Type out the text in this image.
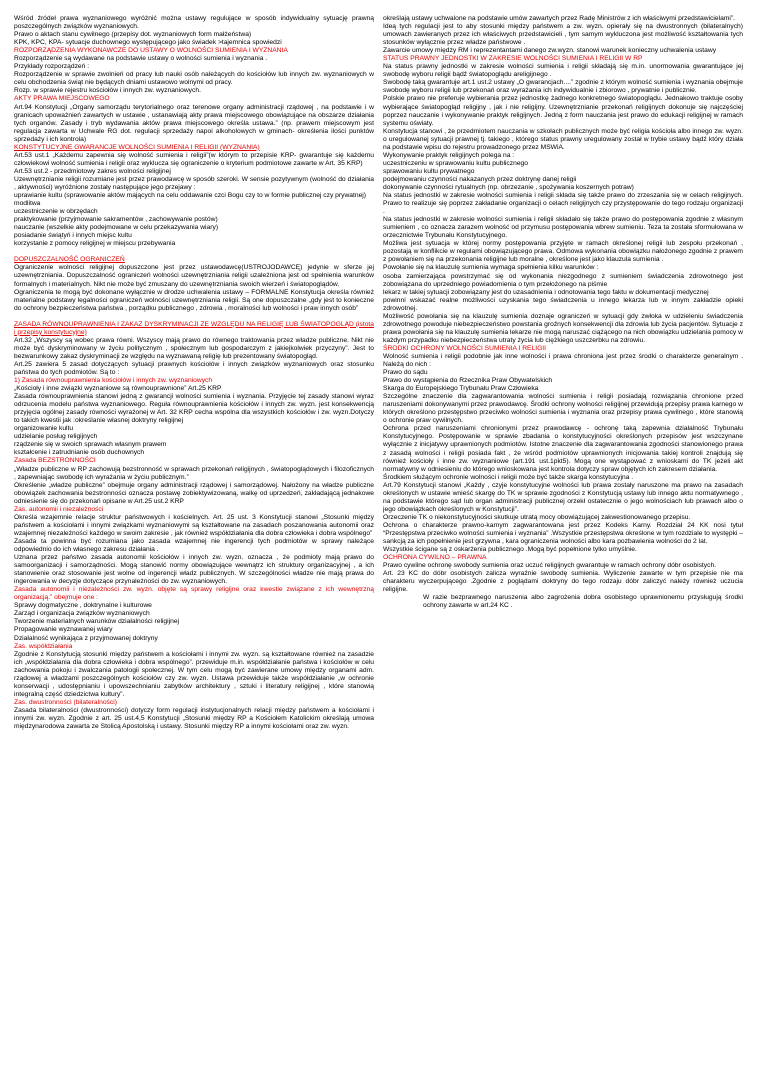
Wśród źródeł prawa wyznaniowego wyróżnić można ustawy regulujące w sposób indywidualny sytuację prawną poszczególnych związków wyznaniowych.

Prawo o aktach stanu cywilnego (przepisy dot. wyznaniowych form małżeństwa)

KPK, KPC, KPA- sytuacje duchownego występującego jako świadek >tajemnica spowiedzi

ROZPORZĄDZENIA WYKONAWCZE DO USTAWY O WOLNOŚCI SUMIENIA I WYZNANIA

Rozporządzenie są wydawane na podstawie ustawy o wolności sumienia i wyznania .

Przykłady rozporządzeń :

Rozporządzenie w sprawie zwolnień od pracy lub nauki osób należących do kościołów lub innych zw. wyznaniowych w celu obchodzenia świąt nie będących dniami ustawowo wolnymi od pracy.

Rozp. w sprawie rejestru kościołów i innych zw. wyznaniowych.

AKTY PRAWA MIEJSCOWEGO

Art.94 Konstytucji „Organy samorządu terytorialnego oraz terenowe organy administracji rządowej , na podstawie i w granicach upoważnień zawartych w ustawie , ustanawiają akty prawa miejscowego obowiązujące na obszarze działania tych organów. Zasady i tryb wydawania aktów prawa miejscowego określa ustawa.” (np. prawem miejscowym jest regulacja zawarta w Uchwale RG dot. regulacji sprzedaży napoi alkoholowych w gminach- określenia ilości punktów sprzedaży i ich kontrola)

KONSTYTUCYJNE GWARANCJE WOLNOŚCI SUMIENIA I RELIGII (WYZNANIA)

Art.53 ust.1 „Każdemu zapewnia się wolność sumienia i religii”(w którym to przepisie KRP- gwarantuje się każdemu człowiekowi wolność sumienia i religii oraz wyklucza się ograniczenie o kryterium podmiotowe zawarte w Art. 35 KRP)

Art.53 ust.2 - przedmiotowy zakres wolności religijnej

Uzewnętrznianie religii rozumiane jest przez prawodawcę w sposób szeroki. W sensie pozytywnym (wolność do działania , aktywności) wyróżnione zostały następujące jego przejawy :

uprawianie kultu (sprawowanie aktów mających na celu oddawanie czci Bogu czy to w formie publicznej czy prywatnej)

modlitwa

uczestniczenie w obrzędach

praktykowanie (przyjmowanie sakramentów , zachowywanie postów)

nauczanie (wszelkie akty podejmowane w celu przekazywania wiary)

posiadanie świątyń i innych miejsc kultu

korzystanie z pomocy religijnej w miejscu przebywania

DOPUSZCZALNOŚĆ OGRANICZEŃ

Ograniczenie wolności religijnej dopuszczone jest przez ustawodawcę(USTROJODAWCĘ) jedynie w sferze jej uzewnętrzniania. Dopuszczalność ograniczeń wolności uzewnętrzniania religii uzależniona jest od spełnienia warunków formalnych i materialnych. Nikt nie może być zmuszany do uzewnętrzniania swoich wierzeń i światopoglądów.

Ograniczenia te mogą być dokonane wyłącznie w drodze uchwalenia ustawy – FORMALNE Konstytucja określa również materialne podstawy legalności ograniczeń wolności uzewnętrzniania religii. Są one dopuszczalne „gdy jest to konieczne do ochrony bezpieczeństwa państwa , porządku publicznego , zdrowia , moralności lub wolności i praw innych osób”

ZASADA RÓWNOUPRAWNIENIA I ZAKAZ DYSKRYMINACJI ZE WZGLĘDU NA RELIGIĘ LUB ŚWIATOPOGLĄD (istota i przepisy konstytucyjne)

Art.32 „Wszyscy są wobec prawa równi. Wszyscy mają prawo do równego traktowania przez władze publiczne. Nikt nie może być dyskryminowany w życiu politycznym , społecznym lub gospodarczym z jakiejkolwiek przyczyny”. Jest to bezwarunkowy zakaz dyskryminacji ze względu na wyznawaną religię lub prezentowany światopogląd.

Art.25 zawiera 5 zasad dotyczących sytuacji prawnych kościołów i innych związków wyznaniowych oraz stosunku państwa do tych podmiotów. Są to :

1) Zasada równouprawnienia kościołów i innych zw. wyznaniowych

„Kościoły i inne związki wyznaniowe są równouprawnione” Art.25 KRP

Zasada równouprawnienia stanowi jedną z gwarancji wolności sumienia i wyznania. Przyjęcie tej zasady stanowi wyraz odrzucenia modelu państwa wyznaniowego. Reguła równouprawnienia kościołów i innych zw. wyzn. jest konsekwencją przyjęcia ogólnej zasady równości wyrażonej w Art. 32 KRP cecha wspólna dla wszystkich kościołów i zw. wyzn.Dotyczy to takich kwestii jak :określanie własnej doktryny religijnej

organizowanie kultu

udzielanie posług religijnych

rządzenie się w swoich sprawach własnym prawem

kształcenie i zatrudnianie osób duchownych

Zasada BEZSTRONNOŚCI

„Władze publiczne w RP zachowują bezstronność w sprawach przekonań religijnych , światopoglądowych i filozoficznych , zapewniając swobodę ich wyrażania w życiu publicznym.”

Określenie „władze publiczne” obejmuje organy administracji rządowej i samorządowej. Nałożony na władze publiczne obowiązek zachowania bezstronności oznacza postawę zobiektywizowaną, walkę od uprzedzeń, zakładającą jednakowe odniesienie się do przekonań opisane w Art.25 ust.2 KRP

Zas. autonomii i niezależności

Określa wzajemnie relacje struktur państwowych i kościelnych. Art. 25 ust. 3 Konstytucji stanowi „Stosunki między państwem a kościołami i innymi związkami wyznaniowymi są kształtowane na zasadach poszanowania autonomii oraz wzajemnej niezależności każdego w swoim zakresie , jak również współdziałania dla dobra człowieka i dobra wspólnego”

Zasada ta powinna być rozumiana jako zasada wzajemnej nie ingerencji tych podmiotów w sprawy należące odpowiednio do ich własnego zakresu działania .

Uznana przez państwo zasada autonomii kościołów i innych zw. wyzn. oznacza , że podmioty mają prawo do samoorganizacji i samorządności. Mogą stanowić normy obowiązujące wewnątrz ich struktury organizacyjnej , a ich stanowienie oraz stosowanie jest wolne od ingerencji władz publicznych. W szczególności władze nie mają prawa do ingerowania w decyzje dotyczące przynależności do zw. wyznaniowych.

Zasada autonomii i niezależności zw. wyzn. objęte są sprawy religijne oraz kwestie związane z ich wewnętrzną organizacją.” obejmuje one :

Sprawy dogmatyczne , doktrynalne i kulturowe

Zarząd i organizacja związków wyznaniowych

Tworzenie materialnych warunków działalności religijnej

Propagowanie wyznawanej wiary

Działalność wynikająca z przyjmowanej doktryny

Zas. współdziałania

Zgodnie z Konstytucją stosunki między państwem a kościołami i innymi zw. wyzn. są kształtowane również na zasadzie ich „współdziałania dla dobra człowieka i dobra wspólnego”. przewiduje m.in. współdziałanie państwa i kościołów w celu zachowania pokoju i zwalczania patologii społecznej. W tym celu mogą być zawierane umowy między organami adm. rządowej a władzami poszczególnych kościołów czy zw. wyzn. Ustawa przewiduje także współdziałanie „w ochronie konserwacji , udostępnianiu i upowszechnianiu zabytków architektury , sztuki i literatury religijnej , które stanowią integralną część dziedzictwa kultury”.

Zas. dwustronności (bilateralności)

Zasada bilateralności (dwustronności) dotyczy form regulacji instytucjonalnych relacji między państwem a kościołami i innymi zw. wyzn. Zgodnie z art. 25 ust.4,5 Konstytucji „Stosunki między RP a Kościołem Katolickim określają umowa międzynarodowa zawarta ze Stolicą Apostolską i ustawy. Stosunki między RP a innymi kościołami oraz zw. wyzn.

określają ustawy uchwalone na podstawie umów zawartych przez Radę Ministrów z ich właściwymi przedstawicielami”.

Ideą tych regulacji jest to aby stosunki między państwem a zw. wyzn. opierały się na dwustronnych (bilateralnych) umowach zawieranych przez ich właściwych przedstawicieli , tym samym wykluczona jest możliwość kształtowania tych stosunków wyłącznie przez władze państwowe .

Zawarcie umowy między RM i reprezentantami danego zw.wyzn. stanowi warunek konieczny uchwalenia ustawy

STATUS PRAWNY JEDNOSTKI W ZAKRESIE WOLNOŚCI SUMIENIA I RELIGII W RP

Na status prawny jednostki w zakresie wolności sumienia i religii składają się m.in. unormowania gwarantujące jej swobodę wyboru religii bądź światopoglądu areligijnego .

Swobodę taką gwarantuje art.1 ust.2 ustawy „O gwarancjach....” zgodnie z którym wolność sumienia i wyznania obejmuje swobodę wyboru religii lub przekonań oraz wyrażania ich indywidualnie i zbiorowo , prywatnie i publicznie.

Polskie prawo nie preferuje wybierania przez jednostkę żadnego konkretnego światopoglądu. Jednakowo traktuje osoby wybierające światopogląd religijny , jak i nie religijny. Uzewnętrznianie przekonań religijnych dokonuje się najczęściej poprzez nauczanie i wykonywanie praktyk religijnych. Jedną z form nauczania jest prawo do edukacji religijnej w ramach systemu oświaty.

Konstytucja stanowi , że przedmiotem nauczania w szkołach publicznych może być religia kościoła albo innego zw. wyzn. o uregulowanej sytuacji prawnej tj. takiego , którego status prawny uregulowany został w trybie ustawy bądź który działa na podstawie wpisu do rejestru prowadzonego przez MSWiA.

Wykonywanie praktyk religijnych polega na :

uczestniczeniu w sprawowaniu kultu publicznego

sprawowaniu kultu prywatnego

podejmowaniu czynności nakazanych przez doktrynę danej religii

dokonywanie czynności rytualnych (np. obrzezanie , spożywania koszernych potraw)

Na status jednostki w zakresie wolności sumienia i religii składa się także prawo do zrzeszania się w celach religijnych. Prawo to realizuje się poprzez zakładanie organizacji o celach religijnych czy przystępowanie do tego rodzaju organizacji .

Na status jednostki w zakresie wolności sumienia i religii składało się także prawo do postępowania zgodnie z własnym sumieniem , co oznacza zarazem wolność od przymusu postępowania wbrew sumieniu. Teza ta została sformułowana w orzecznictwie Trybunału Konstytucyjnego.

Możliwa jest sytuacja w której normy postępowania przyjęte w ramach określonej religii lub zespołu przekonań , pozostają w konflikcie w regulami obowiązującego prawa. Odmowa wykonania obowiązku nałożonego zgodnie z prawem z powołaniem się na przekonania religijne lub moralne , określone jest jako klauzula sumienia .

Powołanie się na klauzulę sumienia wymaga spełnienia kilku warunków :

osoba zamierzająca powstrzymać się od wykonania niezgodnego z sumieniem świadczenia zdrowotnego jest zobowiązana do uprzedniego powiadomienia o tym przełożonego na piśmie

lekarz w takiej sytuacji zobowiązany jest do uzasadnienia i odnotowania tego faktu w dokumentacji medycznej

powinni wskazać realne możliwości uzyskania tego świadczenia u innego lekarza lub w innym zakładzie opieki zdrowotnej.

Możliwość powołania się na klauzulę sumienia doznaje ograniczeń w sytuacji gdy zwłoka w udzieleniu świadczenia zdrowotnego powoduje niebezpieczeństwo powstania groźnych konsekwencji dla zdrowia lub życia pacjentów. Sytuacje z prawa powołania się na klauzulę sumienia lekarze nie mogą naruszać ciążącego na nich obowiązku udzielania pomocy w każdym przypadku niebezpieczeństwa utraty życia lub ciężkiego uszczerbku na zdrowiu.

ŚRODKI OCHRONY WOLNOŚCI SUMIENIA I RELIGII

Wolność sumienia i religii podobnie jak inne wolności i prawa chroniona jest przez środki o charakterze generalnym . Należą do nich :

Prawo do sądu

Prawo do wystąpienia do Rzecznika Praw Obywatelskich

Skarga do Europejskiego Trybunału Praw Człowieka

Szczególne znaczenie dla zagwarantowania wolności sumienia i religii posiadają rozwiązania chronione przed naruszeniami dokonywanymi przez prawodawcę. Środki ochrony wolności religijnej przewidują przepisy prawa karnego w których określono przestępstwo przeciwko wolności sumienia i wyznania oraz przepisy prawa cywilnego , które stanowią o ochronie praw cywilnych.

Ochrona przed naruszeniami chronionymi przez prawodawcę - ochronę taką zapewnia działalność Trybunału Konstytucyjnego. Postępowanie w sprawie zbadania o konstytucyjności określonych przepisów jest wszczynane wyłącznie z inicjatywy uprawnionych podmiotów. Istotne znaczenie dla zagwarantowania zgodności stanowionego prawa z zasadą wolności i religii posiada fakt , że wśród podmiotów uprawnionych inicjowania takiej kontroli znajdują się również kościoły i inne zw. wyznaniowe (art.191 ust.1pkt5). Mogą one wystąpować z wnioskami do TK jeżeli akt normatywny w odniesieniu do którego wnioskowana jest kontrola dotyczy spraw objętych ich zakresem działania.

Środkiem służącym ochronie wolności i religii może być także skarga konstytucyjna .

Art.79 Konstytucji stanowi „Każdy , czyje konstytucyjne wolności lub prawa zostały naruszone ma prawo na zasadach określonych w ustawie wnieść skargę do TK w sprawie zgodności z Konstytucją ustawy lub innego aktu normatywnego , na podstawie którego sąd lub organ administracji publicznej orzekł ostatecznie o jego wolnościach lub prawach albo o jego obowiązkach określonych w Konstytucji”.

Orzeczenie TK o niekonstytucyjności skutkuje utratą mocy obowiązującej zakwestionowanego przepisu.

Ochrona o charakterze prawno-karnym zagwarantowana jest przez Kodeks Karny. Rozdział 24 KK nosi tytuł “Przestępstwa przeciwko wolności sumienia i wyznania” .Wszystkie przestępstwa określone w tym rozdziale to występki – sankcją za ich popełnienie jest grzywna , kara ograniczenia wolności albo kara pozbawienia wolności do 2 lat.

Wszystkie ścigane są z oskarżenia publicznego .Mogą być popełnione tylko umyślnie.

OCHRONA CYWILNO – PRAWNA

Prawo cywilne ochronę swobody sumienia oraz uczuć religijnych gwarantuje w ramach ochrony dóbr osobistych.

Art. 23 KC do dóbr osobistych zalicza wyraźnie swobodę sumienia. Wyliczenie zawarte w tym przepisie nie ma charakteru wyczerpującego .Zgodnie z poglądami doktryny do tego rodzaju dóbr zaliczyć należy również uczucia religijne.

W razie bezprawnego naruszenia albo zagrożenia dobra osobistego uprawnionemu przysługują środki ochrony zawarte w art.24 KC .
